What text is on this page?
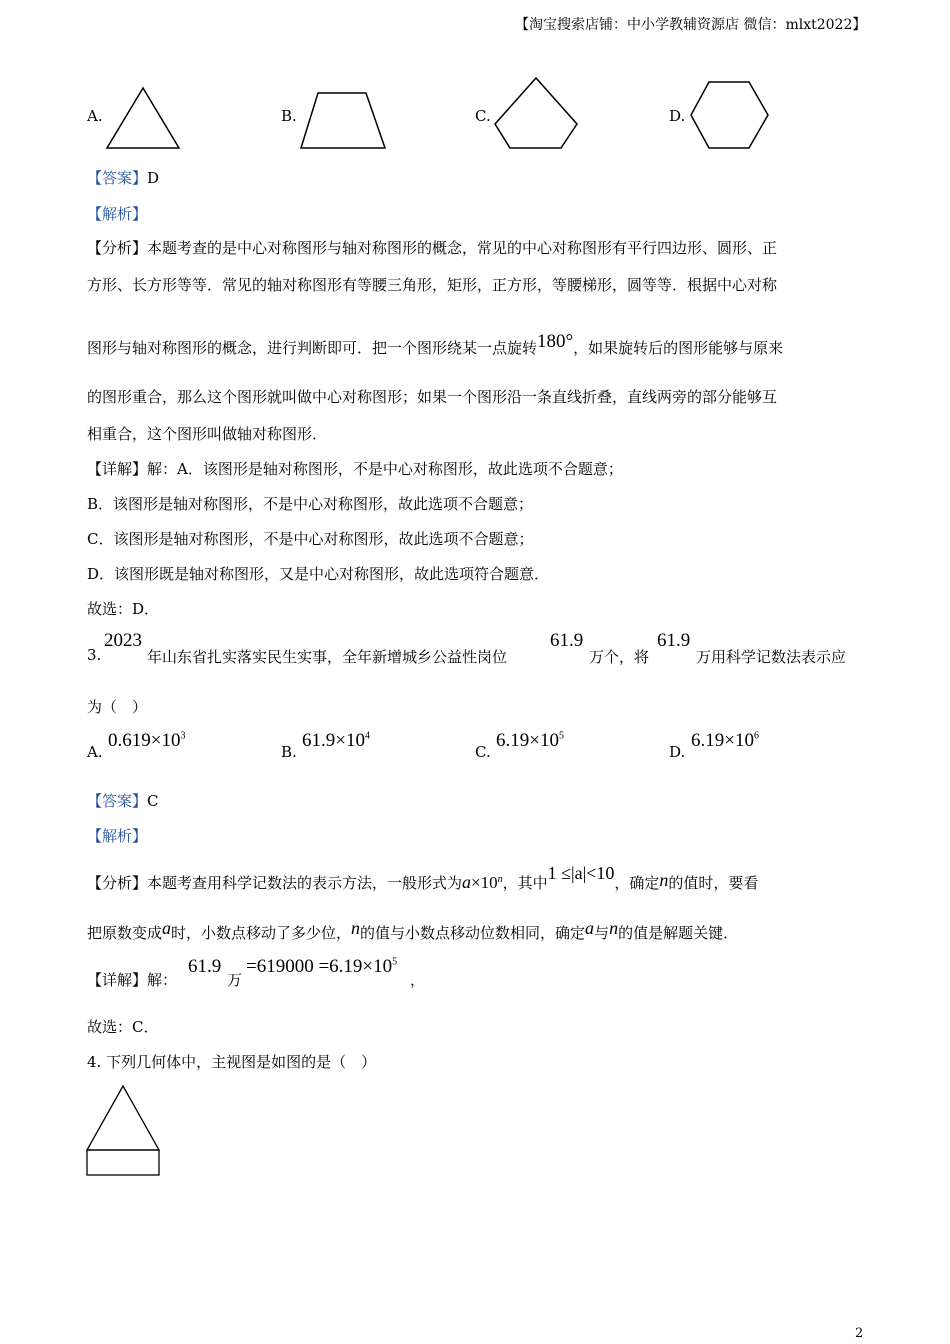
【淘宝搜索店铺：中小学教辅资源店 微信：mlxt2022】
A.	B.	C.	D.
【答案】D
【解析】
【分析】本题考查的是中心对称图形与轴对称图形的概念，常见的中心对称图形有平行四边形、圆形、正
方形、长方形等等．常见的轴对称图形有等腰三角形，矩形，正方形，等腰梯形，圆等等．根据中心对称
图形与轴对称图形的概念，进行判断即可．把一个图形绕某一点旋转180°，如果旋转后的图形能够与原来
的图形重合，那么这个图形就叫做中心对称图形；如果一个图形沿一条直线折叠，直线两旁的部分能够互
相重合，这个图形叫做轴对称图形．
【详解】解：A．该图形是轴对称图形，不是中心对称图形，故此选项不合题意；
B．该图形是轴对称图形，不是中心对称图形，故此选项不合题意；
C．该图形是轴对称图形，不是中心对称图形，故此选项不合题意；
D．该图形既是轴对称图形，又是中心对称图形，故此选项符合题意．
故选：D．
3.
2023
年山东省扎实落实民生实事，全年新增城乡公益性岗位
61.9
万个，将
61.9
万用科学记数法表示应
为（　）
A.
$0.619\times 10^3$
B.
$61.9\times 10^4$
C.
$6.19\times 10^5$
D.
$6.19\times 10^6$
【答案】C
【解析】
【分析】本题考查用科学记数法的表示方法，一般形式为$a\times 10^n$，其中1 ≤|a|<10，确定n的值时，要看
把原数变成a时，小数点移动了多少位，n的值与小数点移动位数相同，确定a与n的值是解题关键．
【详解】解：
61.9
万
$=619000 =6.19\times 10^5$
，
故选：C．
4. 下列几何体中，主视图是如图的是（　）
2
